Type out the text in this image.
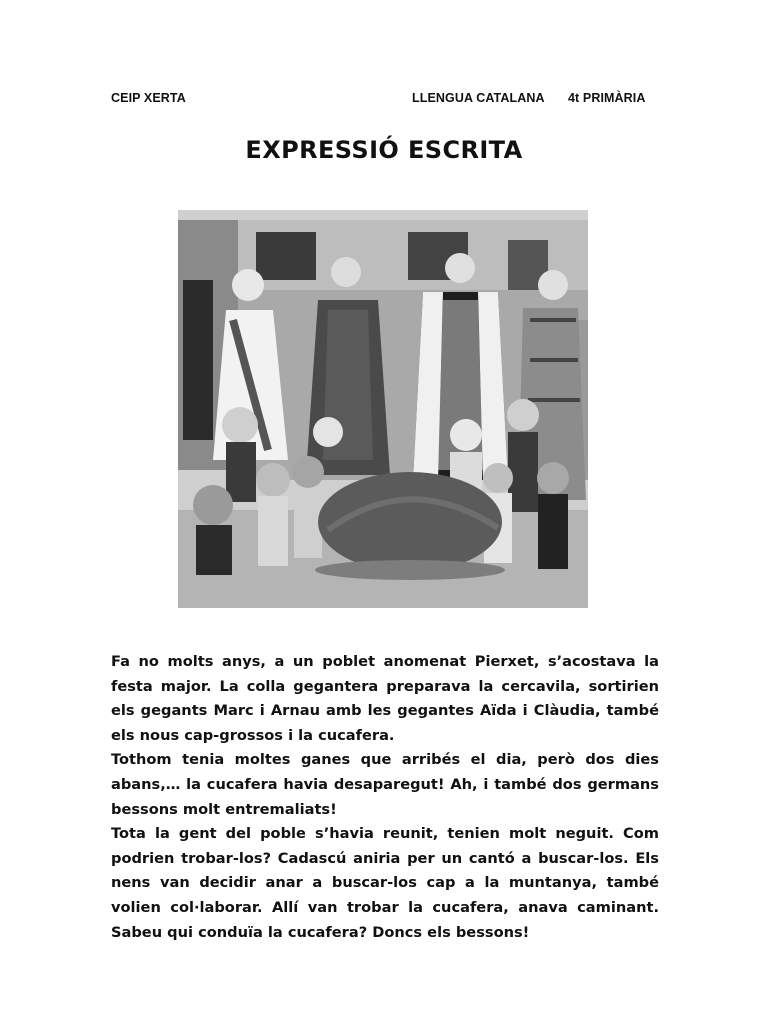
CEIP XERTA	LLENGUA CATALANA 4t PRIMÀRIA
EXPRESSIÓ ESCRITA

Fa no molts anys, a un poblet anomenat Pierxet, s’acostava la festa major. La colla gegantera preparava la cercavila, sortirien els gegants Marc i Arnau amb les gegantes Aïda i Clàudia, també els nous cap-grossos i la cucafera.

Tothom tenia moltes ganes que arribés el dia, però dos dies abans,… la cucafera havia desaparegut! Ah, i també dos germans bessons molt entremaliats!

Tota la gent del poble s’havia reunit, tenien molt neguit. Com podrien trobar-los? Cadascú aniria per un cantó a buscar-los. Els nens van decidir anar a buscar-los cap a la muntanya, també volien col·laborar. Allí van trobar la cucafera, anava caminant. Sabeu qui conduïa la cucafera? Doncs els bessons!
